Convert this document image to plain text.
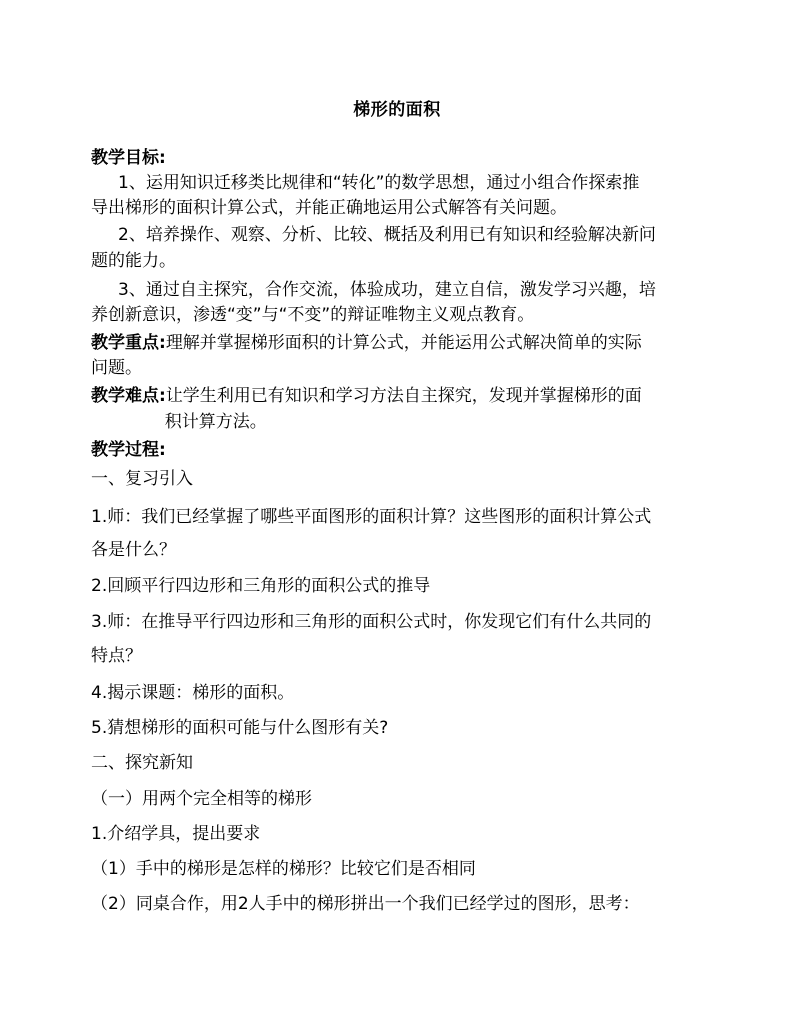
梯形的面积
教学目标:
1、运用知识迁移类比规律和“转化”的数学思想，通过小组合作探索推
导出梯形的面积计算公式，并能正确地运用公式解答有关问题。
2、培养操作、观察、分析、比较、概括及利用已有知识和经验解决新问
题的能力。
3、通过自主探究，合作交流，体验成功，建立自信，激发学习兴趣，培
养创新意识，渗透“变”与“不变”的辩证唯物主义观点教育。
教学重点:理解并掌握梯形面积的计算公式，并能运用公式解决简单的实际
问题。
教学难点:让学生利用已有知识和学习方法自主探究，发现并掌握梯形的面
积计算方法。
教学过程:
一、复习引入
1.师：我们已经掌握了哪些平面图形的面积计算？这些图形的面积计算公式
各是什么？
2.回顾平行四边形和三角形的面积公式的推导
3.师：在推导平行四边形和三角形的面积公式时，你发现它们有什么共同的
特点？
4.揭示课题：梯形的面积。
5.猜想梯形的面积可能与什么图形有关?
二、探究新知
（一）用两个完全相等的梯形
1.介绍学具，提出要求
（1）手中的梯形是怎样的梯形？比较它们是否相同
（2）同桌合作，用2人手中的梯形拼出一个我们已经学过的图形，思考：
